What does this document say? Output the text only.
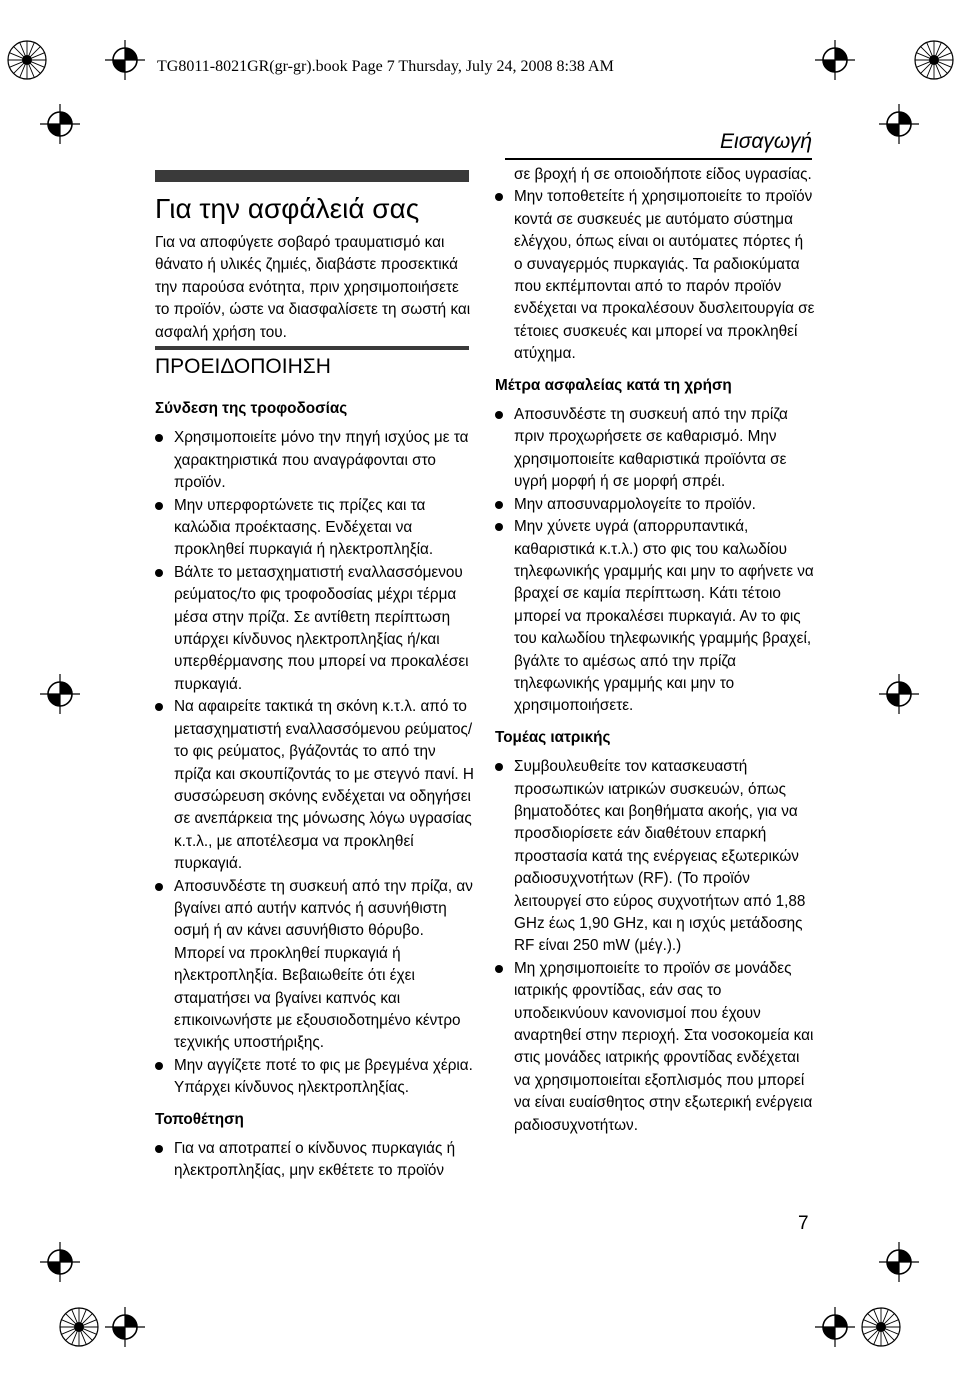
TG8011-8021GR(gr-gr).book Page 7 Thursday, July 24, 2008 8:38 AM
Εισαγωγή
Για την ασφάλειά σας
Για να αποφύγετε σοβαρό τραυματισμό και θάνατο ή υλικές ζημιές, διαβάστε προσεκτικά την παρούσα ενότητα, πριν χρησιμοποιήσετε το προϊόν, ώστε να διασφαλίσετε τη σωστή και ασφαλή χρήση του.
ΠΡΟΕΙΔΟΠΟΙΗΣΗ
Σύνδεση της τροφοδοσίας
Χρησιμοποιείτε μόνο την πηγή ισχύος με τα χαρακτηριστικά που αναγράφονται στο προϊόν.
Μην υπερφορτώνετε τις πρίζες και τα καλώδια προέκτασης. Ενδέχεται να προκληθεί πυρκαγιά ή ηλεκτροπληξία.
Βάλτε το μετασχηματιστή εναλλασσόμενου ρεύματος/το φις τροφοδοσίας μέχρι τέρμα μέσα στην πρίζα. Σε αντίθετη περίπτωση υπάρχει κίνδυνος ηλεκτροπληξίας ή/και υπερθέρμανσης που μπορεί να προκαλέσει πυρκαγιά.
Να αφαιρείτε τακτικά τη σκόνη κ.τ.λ. από το μετασχηματιστή εναλλασσόμενου ρεύματος/το φις ρεύματος, βγάζοντάς το από την πρίζα και σκουπίζοντάς το με στεγνό πανί. Η συσσώρευση σκόνης ενδέχεται να οδηγήσει σε ανεπάρκεια της μόνωσης λόγω υγρασίας κ.τ.λ., με αποτέλεσμα να προκληθεί πυρκαγιά.
Αποσυνδέστε τη συσκευή από την πρίζα, αν βγαίνει από αυτήν καπνός ή ασυνήθιστη οσμή ή αν κάνει ασυνήθιστο θόρυβο. Μπορεί να προκληθεί πυρκαγιά ή ηλεκτροπληξία. Βεβαιωθείτε ότι έχει σταματήσει να βγαίνει καπνός και επικοινωνήστε με εξουσιοδοτημένο κέντρο τεχνικής υποστήριξης.
Μην αγγίζετε ποτέ το φις με βρεγμένα χέρια. Υπάρχει κίνδυνος ηλεκτροπληξίας.
Τοποθέτηση
Για να αποτραπεί ο κίνδυνος πυρκαγιάς ή ηλεκτροπληξίας, μην εκθέτετε το προϊόν
σε βροχή ή σε οποιοδήποτε είδος υγρασίας.
Μην τοποθετείτε ή χρησιμοποιείτε το προϊόν κοντά σε συσκευές με αυτόματο σύστημα ελέγχου, όπως είναι οι αυτόματες πόρτες ή ο συναγερμός πυρκαγιάς. Τα ραδιοκύματα που εκπέμπονται από το παρόν προϊόν ενδέχεται να προκαλέσουν δυσλειτουργία σε τέτοιες συσκευές και μπορεί να προκληθεί ατύχημα.
Μέτρα ασφαλείας κατά τη χρήση
Αποσυνδέστε τη συσκευή από την πρίζα πριν προχωρήσετε σε καθαρισμό. Μην χρησιμοποιείτε καθαριστικά προϊόντα σε υγρή μορφή ή σε μορφή σπρέι.
Μην αποσυναρμολογείτε το προϊόν.
Μην χύνετε υγρά (απορρυπαντικά, καθαριστικά κ.τ.λ.) στο φις του καλωδίου τηλεφωνικής γραμμής και μην το αφήνετε να βραχεί σε καμία περίπτωση. Κάτι τέτοιο μπορεί να προκαλέσει πυρκαγιά. Αν το φις του καλωδίου τηλεφωνικής γραμμής βραχεί, βγάλτε το αμέσως από την πρίζα τηλεφωνικής γραμμής και μην το χρησιμοποιήσετε.
Τομέας ιατρικής
Συμβουλευθείτε τον κατασκευαστή προσωπικών ιατρικών συσκευών, όπως βηματοδότες και βοηθήματα ακοής, για να προσδιορίσετε εάν διαθέτουν επαρκή προστασία κατά της ενέργειας εξωτερικών ραδιοσυχνοτήτων (RF). (Το προϊόν λειτουργεί στο εύρος συχνοτήτων από 1,88 GHz έως 1,90 GHz, και η ισχύς μετάδοσης RF είναι 250 mW (μέγ.).)
Μη χρησιμοποιείτε το προϊόν σε μονάδες ιατρικής φροντίδας, εάν σας το υποδεικνύουν κανονισμοί που έχουν αναρτηθεί στην περιοχή. Στα νοσοκομεία και στις μονάδες ιατρικής φροντίδας ενδέχεται να χρησιμοποιείται εξοπλισμός που μπορεί να είναι ευαίσθητος στην εξωτερική ενέργεια ραδιοσυχνοτήτων.
7
